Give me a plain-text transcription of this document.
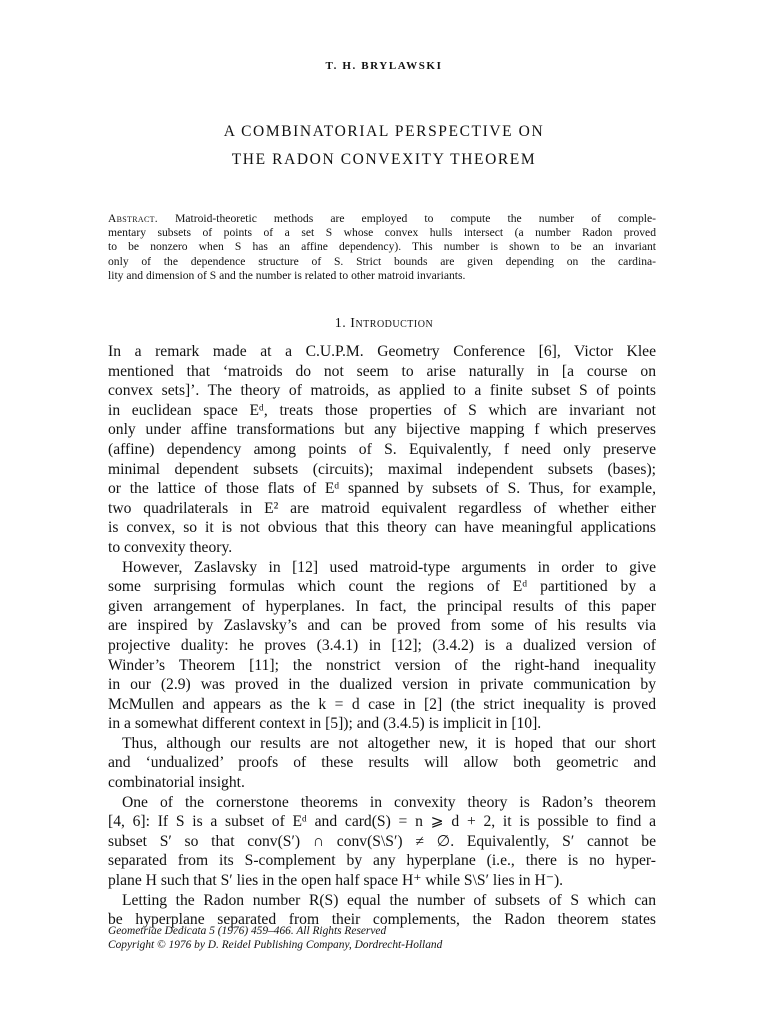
T. H. BRYLAWSKI
A COMBINATORIAL PERSPECTIVE ON
THE RADON CONVEXITY THEOREM
Abstract. Matroid-theoretic methods are employed to compute the number of comple-
mentary subsets of points of a set S whose convex hulls intersect (a number Radon proved
to be nonzero when S has an affine dependency). This number is shown to be an invariant
only of the dependence structure of S. Strict bounds are given depending on the cardina-
lity and dimension of S and the number is related to other matroid invariants.
1. Introduction
In a remark made at a C.U.P.M. Geometry Conference [6], Victor Klee
mentioned that ‘matroids do not seem to arise naturally in [a course on
convex sets]’. The theory of matroids, as applied to a finite subset S of points
in euclidean space Eᵈ, treats those properties of S which are invariant not
only under affine transformations but any bijective mapping f which preserves
(affine) dependency among points of S. Equivalently, f need only preserve
minimal dependent subsets (circuits); maximal independent subsets (bases);
or the lattice of those flats of Eᵈ spanned by subsets of S. Thus, for example,
two quadrilaterals in E² are matroid equivalent regardless of whether either
is convex, so it is not obvious that this theory can have meaningful applications
to convexity theory.
However, Zaslavsky in [12] used matroid-type arguments in order to give
some surprising formulas which count the regions of Eᵈ partitioned by a
given arrangement of hyperplanes. In fact, the principal results of this paper
are inspired by Zaslavsky’s and can be proved from some of his results via
projective duality: he proves (3.4.1) in [12]; (3.4.2) is a dualized version of
Winder’s Theorem [11]; the nonstrict version of the right-hand inequality
in our (2.9) was proved in the dualized version in private communication by
McMullen and appears as the k = d case in [2] (the strict inequality is proved
in a somewhat different context in [5]); and (3.4.5) is implicit in [10].
Thus, although our results are not altogether new, it is hoped that our short
and ‘undualized’ proofs of these results will allow both geometric and
combinatorial insight.
One of the cornerstone theorems in convexity theory is Radon’s theorem
[4, 6]: If S is a subset of Eᵈ and card(S) = n ⩾ d + 2, it is possible to find a
subset S′ so that conv(S′) ∩ conv(S\S′) ≠ ∅. Equivalently, S′ cannot be
separated from its S-complement by any hyperplane (i.e., there is no hyper-
plane H such that S′ lies in the open half space H⁺ while S\S′ lies in H⁻).
Letting the Radon number R(S) equal the number of subsets of S which can
be hyperplane separated from their complements, the Radon theorem states
Geometriae Dedicata 5 (1976) 459–466. All Rights Reserved
Copyright © 1976 by D. Reidel Publishing Company, Dordrecht-Holland
